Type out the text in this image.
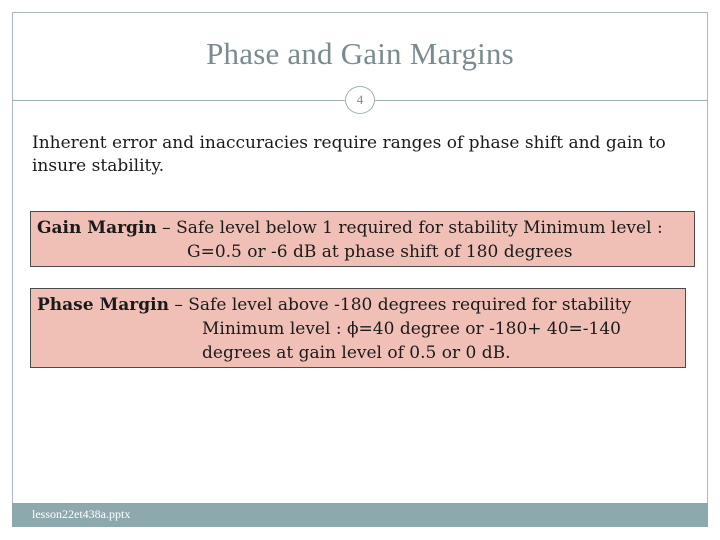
Phase and Gain Margins
4
Inherent error and inaccuracies require ranges of phase shift and gain to insure stability.
Gain Margin – Safe level below 1 required for stability Minimum level :
G=0.5 or -6 dB at phase shift of 180 degrees
Phase Margin – Safe level above -180 degrees required for stability
Minimum level : ϕ=40 degree or -180+ 40=-140
degrees at gain level of 0.5 or 0 dB.
lesson22et438a.pptx
